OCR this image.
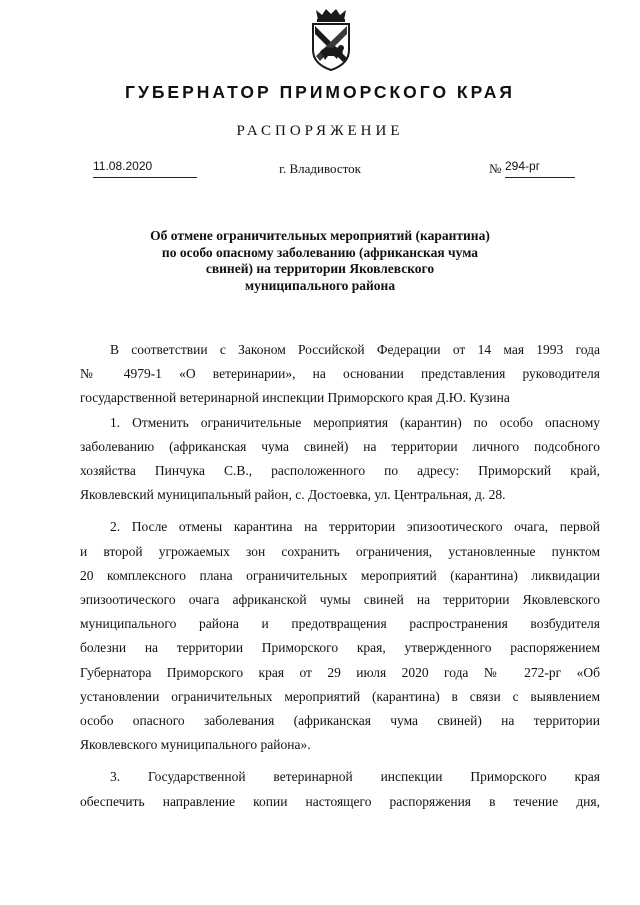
ГУБЕРНАТОР ПРИМОРСКОГО КРАЯ
РАСПОРЯЖЕНИЕ
11.08.2020	г. Владивосток	№ 294-рг
Об отмене ограничительных мероприятий (карантина)
по особо опасному заболеванию (африканская чума
свиней) на территории Яковлевского
муниципального района
В соответствии с Законом Российской Федерации от 14 мая 1993 года
№ 4979-1 «О ветеринарии», на основании представления руководителя
государственной ветеринарной инспекции Приморского края Д.Ю. Кузина
1. Отменить ограничительные мероприятия (карантин) по особо опасному
заболеванию (африканская чума свиней) на территории личного подсобного
хозяйства Пинчука С.В., расположенного по адресу: Приморский край,
Яковлевский муниципальный район, с. Достоевка, ул. Центральная, д. 28.
2. После отмены карантина на территории эпизоотического очага, первой
и второй угрожаемых зон сохранить ограничения, установленные пунктом
20 комплексного плана ограничительных мероприятий (карантина) ликвидации
эпизоотического очага африканской чумы свиней на территории Яковлевского
муниципального района и предотвращения распространения возбудителя
болезни на территории Приморского края, утвержденного распоряжением
Губернатора Приморского края от 29 июля 2020 года № 272-рг «Об
установлении ограничительных мероприятий (карантина) в связи с выявлением
особо опасного заболевания (африканская чума свиней) на территории
Яковлевского муниципального района».
3. Государственной ветеринарной инспекции Приморского края
обеспечить направление копии настоящего распоряжения в течение дня,
